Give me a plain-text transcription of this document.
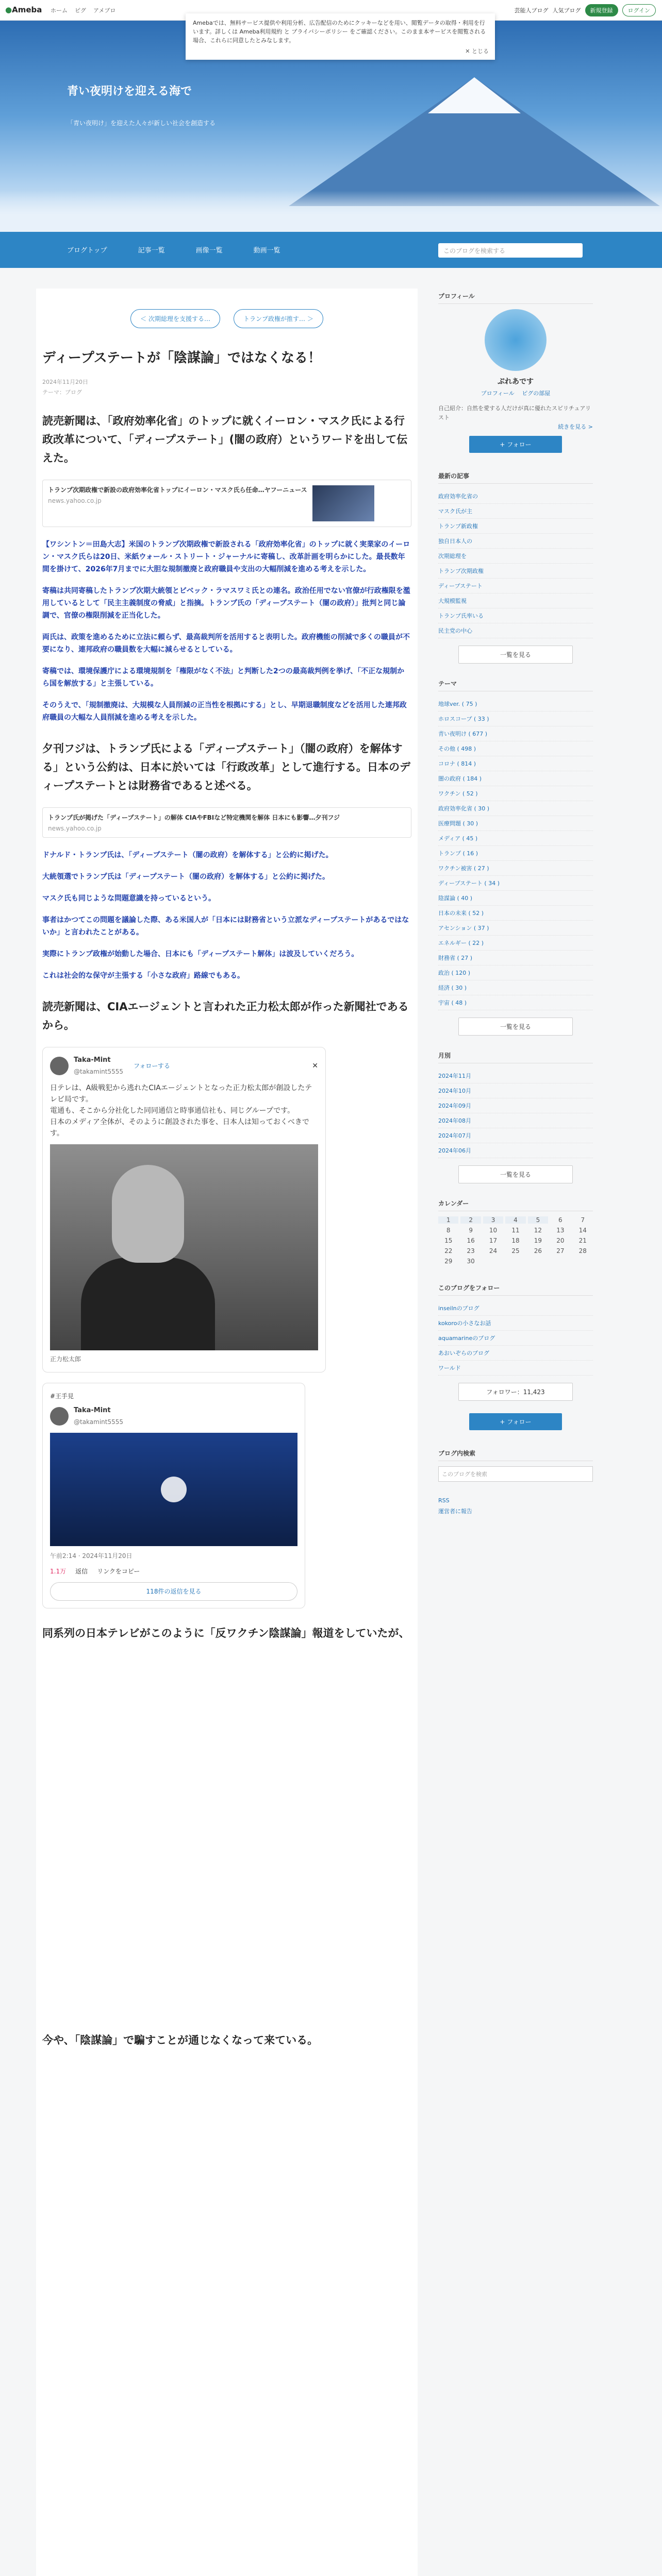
●Ameba ホーム ピグ アメブロ	芸能人ブログ 人気ブログ	新規登録	ログイン
Amebaでは、無料サービス提供や利用分析、広告配信のためにクッキーなどを用い、閲覧データの取得・利用を行います。詳しくは Ameba利用規約 と プライバシーポリシー をご確認ください。このまま本サービスを閲覧される場合、これらに同意したとみなします。
✕ とじる
青い夜明けを迎える海で
「青い夜明け」を迎えた人々が新しい社会を創造する
ブログトップ	記事一覧	画像一覧	動画一覧	このブログを検索する
＜ 次期総理を支援する…	トランプ政権が推す… ＞
ディープステートが「陰謀論」ではなくなる！
2024年11月20日
テーマ：ブログ

読売新聞は、「政府効率化省」のトップに就くイーロン・マスク氏による行政改革について、「ディープステート」(闇の政府）というワードを出して伝えた。

トランプ次期政権で新設の政府効率化省トップにイーロン・マスク氏ら任命…ヤフーニュース
news.yahoo.co.jp

【ワシントン＝田島大志】米国のトランプ次期政権で新設される「政府効率化省」のトップに就く実業家のイーロン・マスク氏らは20日、米紙ウォール・ストリート・ジャーナルに寄稿し、改革計画を明らかにした。最長数年間を掛けて、2026年7月までに大胆な規制撤廃と政府職員や支出の大幅削減を進める考えを示した。

寄稿は共同寄稿したトランプ次期大統領とビベック・ラマスワミ氏との連名。政治任用でない官僚が行政権限を濫用しているとして「民主主義制度の脅威」と指摘。トランプ氏の「ディープステート（闇の政府）」批判と同じ論調で、官僚の権限削減を正当化した。

両氏は、政策を進めるために立法に頼らず、最高裁判所を活用すると表明した。政府機能の削減で多くの職員が不要になり、連邦政府の職員数を大幅に減らせるとしている。

寄稿では、環境保護庁による環境規制を「権限がなく不法」と判断した2つの最高裁判例を挙げ、「不正な規制から国を解放する」と主張している。

そのうえで、「規制撤廃は、大規模な人員削減の正当性を根拠にする」とし、早期退職制度などを活用した連邦政府職員の大幅な人員削減を進める考えを示した。

夕刊フジは、トランプ氏による「ディープステート」（闇の政府）を解体する」という公約は、日本に於いては「行政改革」として進行する。日本のディープステートとは財務省であると述べる。

トランプ氏が掲げた「ディープステート」の解体 CIAやFBIなど特定機関を解体 日本にも影響…夕刊フジ
news.yahoo.co.jp

ドナルド・トランプ氏は、「ディープステート（闇の政府）を解体する」と公約に掲げた。

大統領選でトランプ氏は「ディープステート（闇の政府）を解体する」と公約に掲げた。

マスク氏も同じような問題意識を持っているという。

事者はかつてこの問題を議論した際、ある米国人が「日本には財務省という立派なディープステートがあるではないか」と言われたことがある。

実際にトランプ政権が始動した場合、日本にも「ディープステート解体」は波及していくだろう。

これは社会的な保守が主張する「小さな政府」路線でもある。

読売新聞は、CIAエージェントと言われた正力松太郎が作った新聞社であるから。

Taka-Mint
@takamint5555
フォローする	✕
日テレは、A級戦犯から逃れたCIAエージェントとなった正力松太郎が創設したテレビ局です。
電通も、そこから分社化した同同通信と時事通信社も、同じグループです。
日本のメディア全体が、そのように創設された事を、日本人は知っておくべきです。
正力松太郎
#王手見
Taka-Mint
@takamint5555
午前2:14 · 2024年11月20日
1.1万 返信 リンクをコピー
118件の返信を見る

同系列の日本テレビがこのように「反ワクチン陰謀論」報道をしていたが、

今や、「陰謀論」で騙すことが通じなくなって来ている。

プロフィール
ぷれあです
プロフィール　 ピグの部屋
自己紹介：自然を愛する人だけが真に優れたスピリチュアリスト
続きを見る >
+ フォロー
最新の記事
政府効率化省の
マスク氏が主
トランプ新政権
独自日本人の
次期総理を
トランプ次期政権
ディープステート
大規模監視
トランプ氏率いる
民主党の中心
一覧を見る
テーマ
地球ver. ( 75 )
ホロスコープ ( 33 )
青い夜明け ( 677 )
その他 ( 498 )
コロナ ( 814 )
闇の政府 ( 184 )
ワクチン ( 52 )
政府効率化省 ( 30 )
医療問題 ( 30 )
メディア ( 45 )
トランプ ( 16 )
ワクチン被害 ( 27 )
ディープステート ( 34 )
陰謀論 ( 40 )
日本の未来 ( 52 )
アセンション ( 37 )
エネルギー ( 22 )
財務省 ( 27 )
政治 ( 120 )
経済 ( 30 )
宇宙 ( 48 )
一覧を見る
月別
2024年11月
2024年10月
2024年09月
2024年08月
2024年07月
2024年06月
一覧を見る
カレンダー
1	2	3	4	5	6	7
8	9	10	11	12	13	14
15	16	17	18	19	20	21
22	23	24	25	26	27	28
29	30
このブログをフォロー
inseilnのブログ
kokoroの小さなお話
aquamarineのブログ
あおいぞらのブログ
ワールド
フォロワー：11,423
+ フォロー
ブログ内検索
このブログを検索
RSS
運営者に報告
